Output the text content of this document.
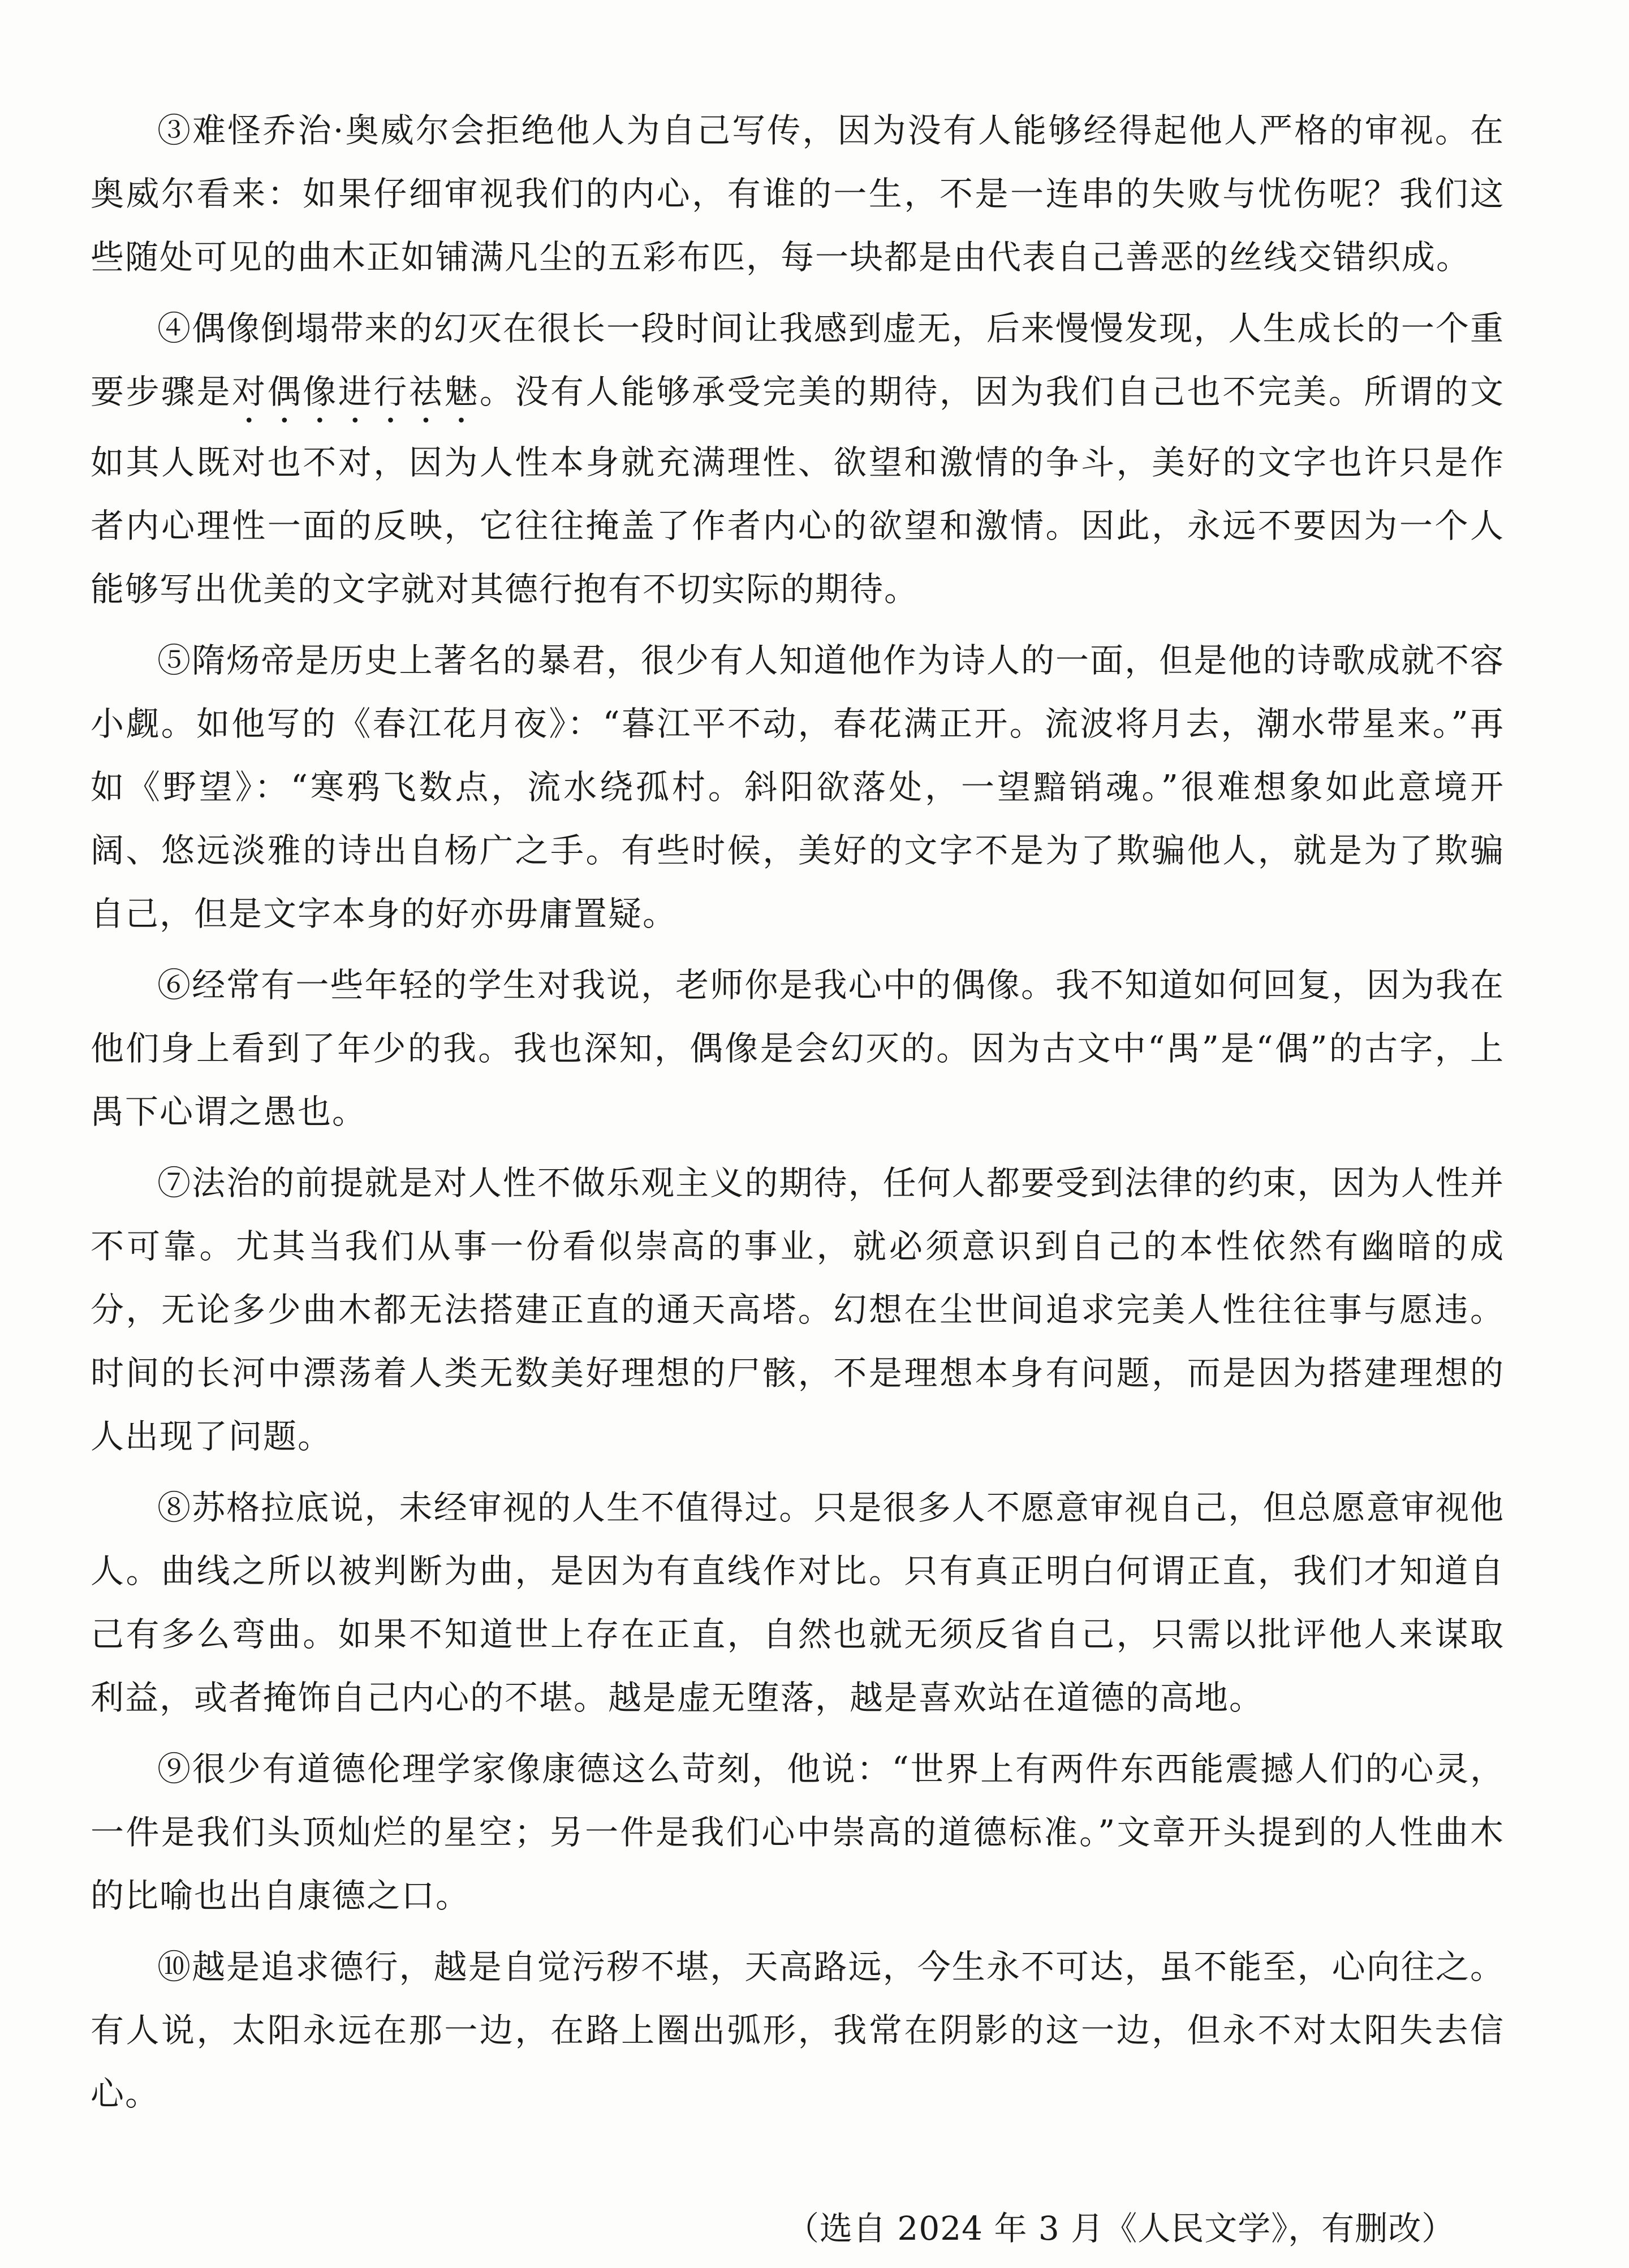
③难怪乔治·奥威尔会拒绝他人为自己写传，因为没有人能够经得起他人严格的审视。在奥威尔看来：如果仔细审视我们的内心，有谁的一生，不是一连串的失败与忧伤呢？我们这些随处可见的曲木正如铺满凡尘的五彩布匹，每一块都是由代表自己善恶的丝线交错织成。

④偶像倒塌带来的幻灭在很长一段时间让我感到虚无，后来慢慢发现，人生成长的一个重要步骤是对偶像进行祛魅。没有人能够承受完美的期待，因为我们自己也不完美。所谓的文如其人既对也不对，因为人性本身就充满理性、欲望和激情的争斗，美好的文字也许只是作者内心理性一面的反映，它往往掩盖了作者内心的欲望和激情。因此，永远不要因为一个人能够写出优美的文字就对其德行抱有不切实际的期待。

⑤隋炀帝是历史上著名的暴君，很少有人知道他作为诗人的一面，但是他的诗歌成就不容小觑。如他写的《春江花月夜》：“暮江平不动，春花满正开。流波将月去，潮水带星来。”再如《野望》：“寒鸦飞数点，流水绕孤村。斜阳欲落处，一望黯销魂。”很难想象如此意境开阔、悠远淡雅的诗出自杨广之手。有些时候，美好的文字不是为了欺骗他人，就是为了欺骗自己，但是文字本身的好亦毋庸置疑。

⑥经常有一些年轻的学生对我说，老师你是我心中的偶像。我不知道如何回复，因为我在他们身上看到了年少的我。我也深知，偶像是会幻灭的。因为古文中“禺”是“偶”的古字，上禺下心谓之愚也。

⑦法治的前提就是对人性不做乐观主义的期待，任何人都要受到法律的约束，因为人性并不可靠。尤其当我们从事一份看似崇高的事业，就必须意识到自己的本性依然有幽暗的成分，无论多少曲木都无法搭建正直的通天高塔。幻想在尘世间追求完美人性往往事与愿违。时间的长河中漂荡着人类无数美好理想的尸骸，不是理想本身有问题，而是因为搭建理想的人出现了问题。

⑧苏格拉底说，未经审视的人生不值得过。只是很多人不愿意审视自己，但总愿意审视他人。曲线之所以被判断为曲，是因为有直线作对比。只有真正明白何谓正直，我们才知道自己有多么弯曲。如果不知道世上存在正直，自然也就无须反省自己，只需以批评他人来谋取利益，或者掩饰自己内心的不堪。越是虚无堕落，越是喜欢站在道德的高地。

⑨很少有道德伦理学家像康德这么苛刻，他说：“世界上有两件东西能震撼人们的心灵，一件是我们头顶灿烂的星空；另一件是我们心中崇高的道德标准。”文章开头提到的人性曲木的比喻也出自康德之口。

⑩越是追求德行，越是自觉污秽不堪，天高路远，今生永不可达，虽不能至，心向往之。有人说，太阳永远在那一边，在路上圈出弧形，我常在阴影的这一边，但永不对太阳失去信心。

（选自 2024 年 3 月《人民文学》，有删改）
